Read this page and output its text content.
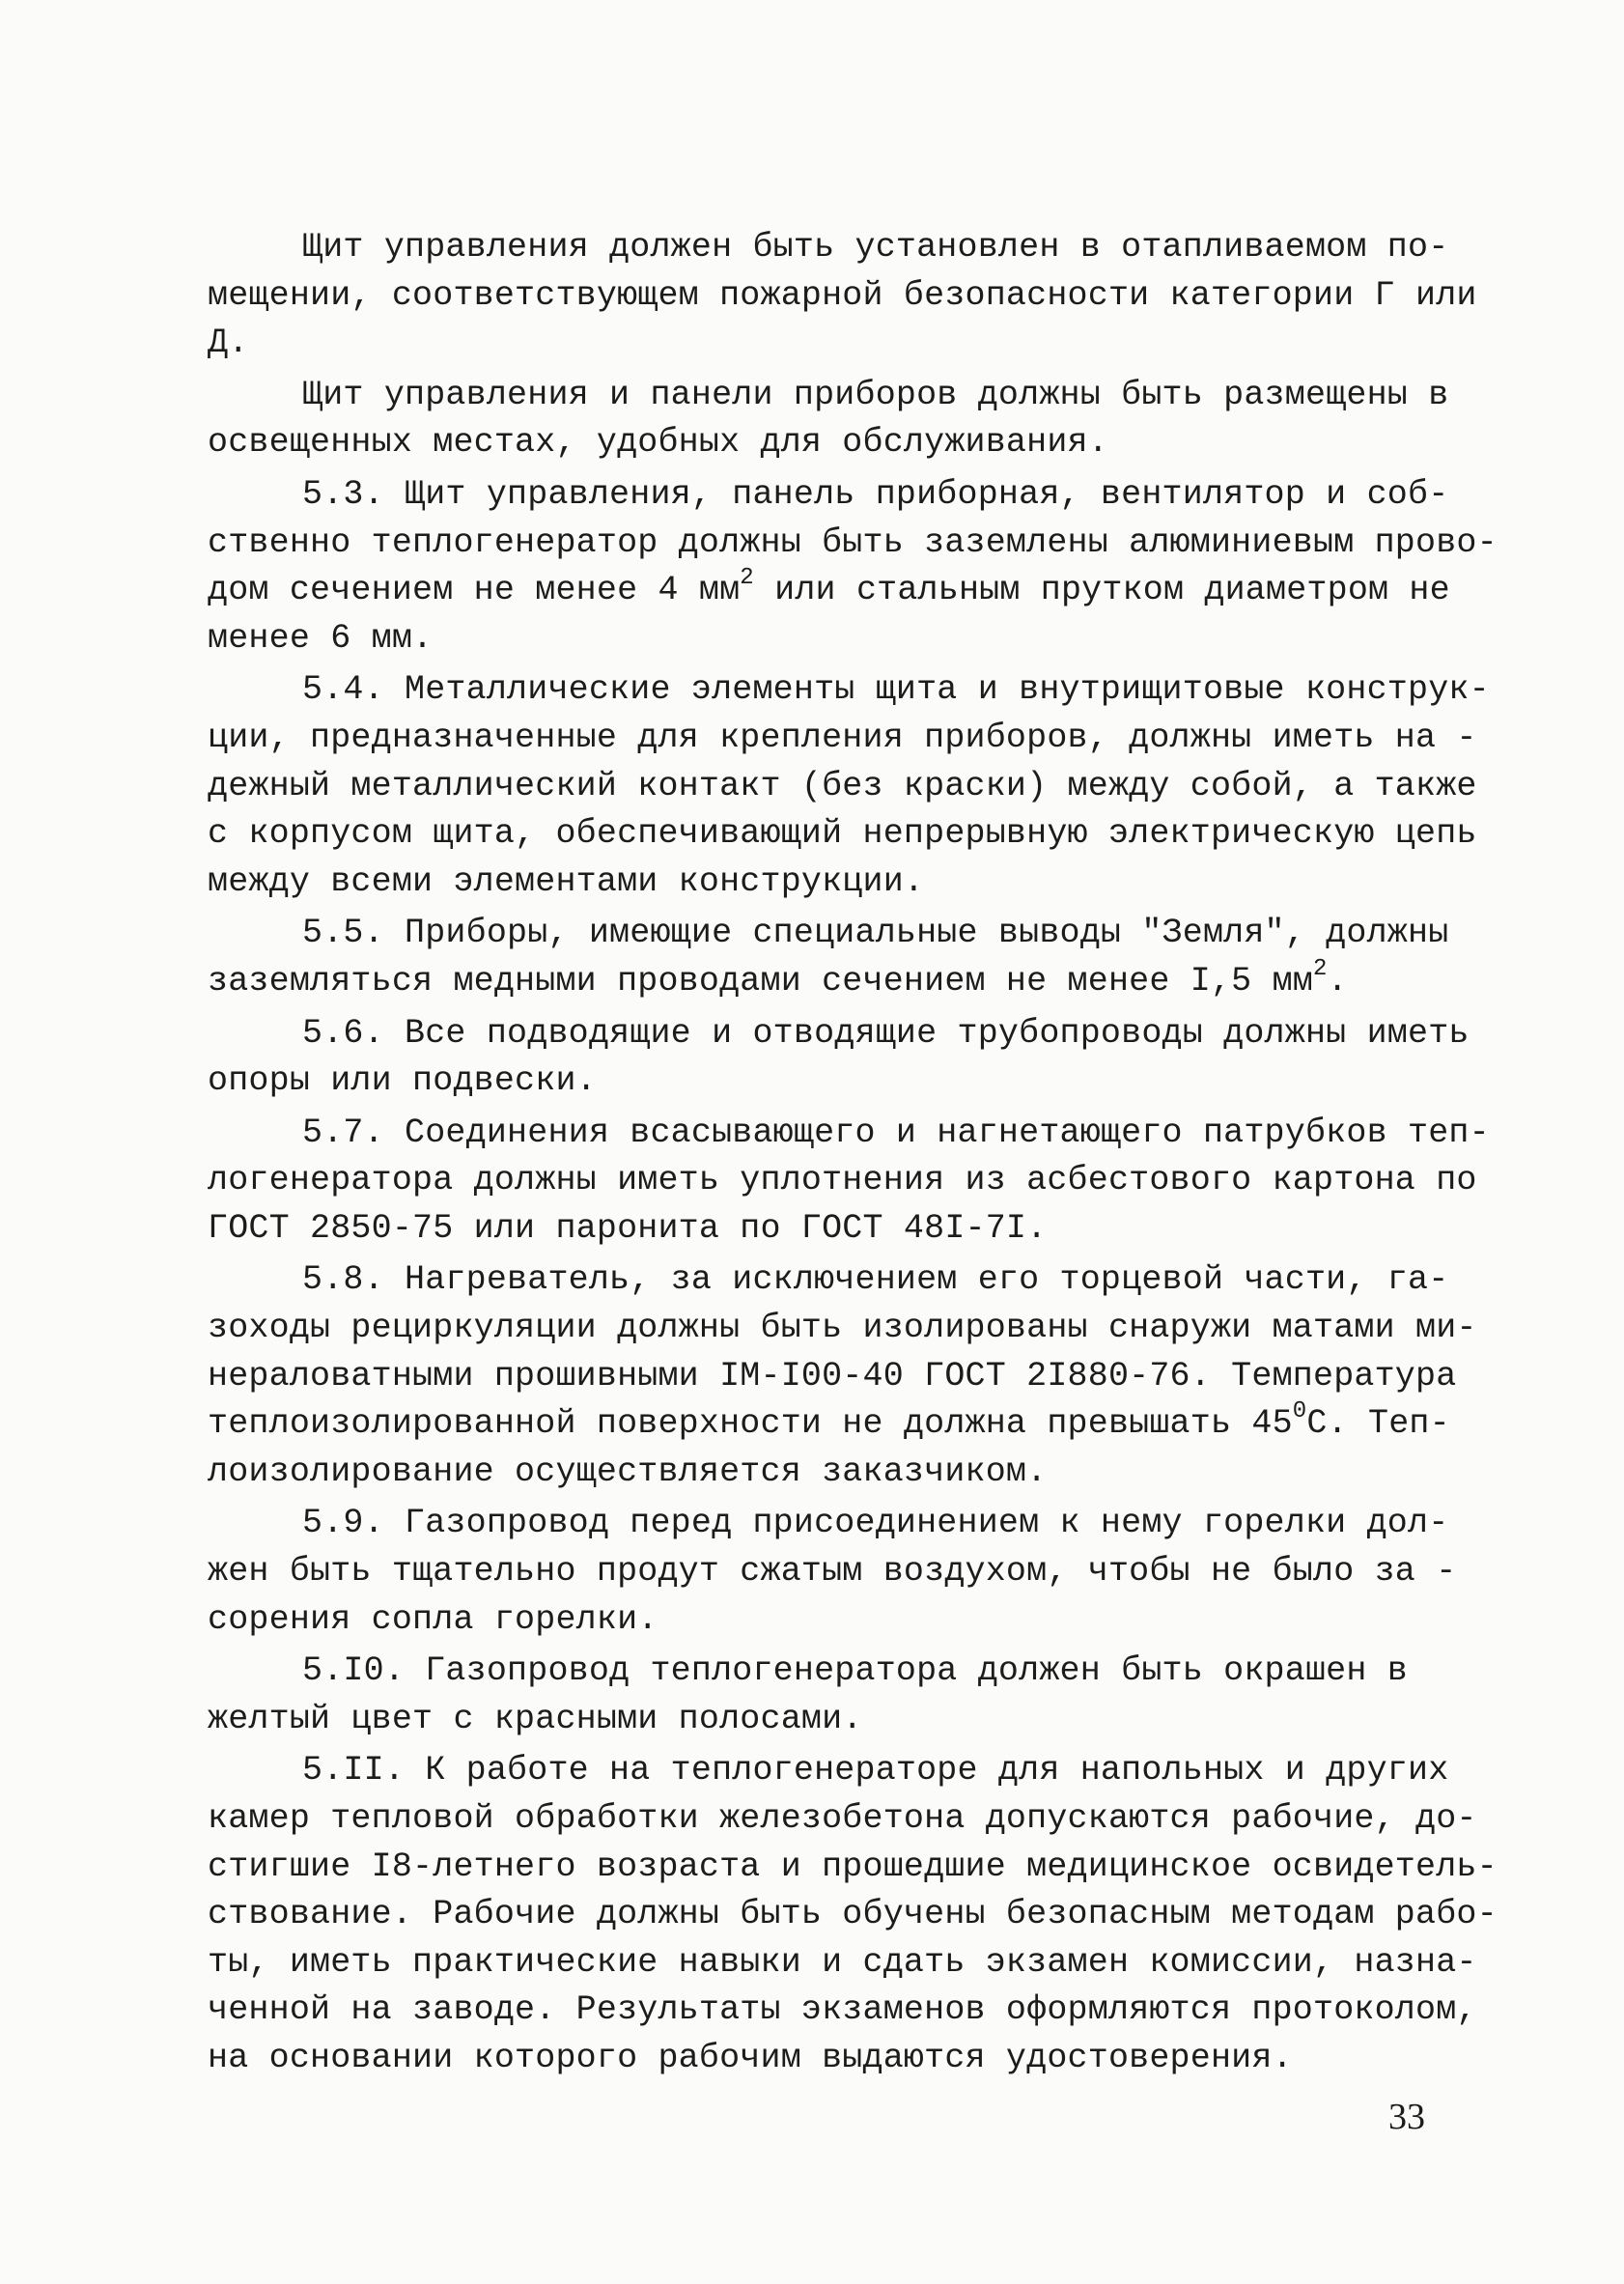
Щит управления должен быть установлен в отапливаемом по-
мещении, соответствующем пожарной безопасности категории Г или
Д.

Щит управления и панели приборов должны быть размещены в
освещенных местах, удобных для обслуживания.

5.3. Щит управления, панель приборная, вентилятор и соб-
ственно теплогенератор должны быть заземлены алюминиевым прово-
дом сечением не менее 4 $мм^2$ или стальным прутком диаметром не
менее 6 мм.

5.4. Металлические элементы щита и внутрищитовые конструк-
ции, предназначенные для крепления приборов, должны иметь на -
дежный металлический контакт (без краски) между собой, а также
с корпусом щита, обеспечивающий непрерывную электрическую цепь
между всеми элементами конструкции.

5.5. Приборы, имеющие специальные выводы "Земля", должны
заземляться медными проводами сечением не менее I,5 $мм^2$.

5.6. Все подводящие и отводящие трубопроводы должны иметь
опоры или подвески.

5.7. Соединения всасывающего и нагнетающего патрубков теп-
логенератора должны иметь уплотнения из асбестового картона по
ГОСТ 2850-75 или паронита по ГОСТ 48I-7I.

5.8. Нагреватель, за исключением его торцевой части, га-
зоходы рециркуляции должны быть изолированы снаружи матами ми-
нераловатными прошивными IМ-I00-40 ГОСТ 2I880-76. Температура
теплоизолированной поверхности не должна превышать $45^0С$. Теп-
лоизолирование осуществляется заказчиком.

5.9. Газопровод перед присоединением к нему горелки дол-
жен быть тщательно продут сжатым воздухом, чтобы не было за -
сорения сопла горелки.

5.I0. Газопровод теплогенератора должен быть окрашен в
желтый цвет с красными полосами.

5.II. К работе на теплогенераторе для напольных и других
камер тепловой обработки железобетона допускаются рабочие, до-
стигшие I8-летнего возраста и прошедшие медицинское освидетель-
ствование. Рабочие должны быть обучены безопасным методам рабо-
ты, иметь практические навыки и сдать экзамен комиссии, назна-
ченной на заводе. Результаты экзаменов оформляются протоколом,
на основании которого рабочим выдаются удостоверения.

33
